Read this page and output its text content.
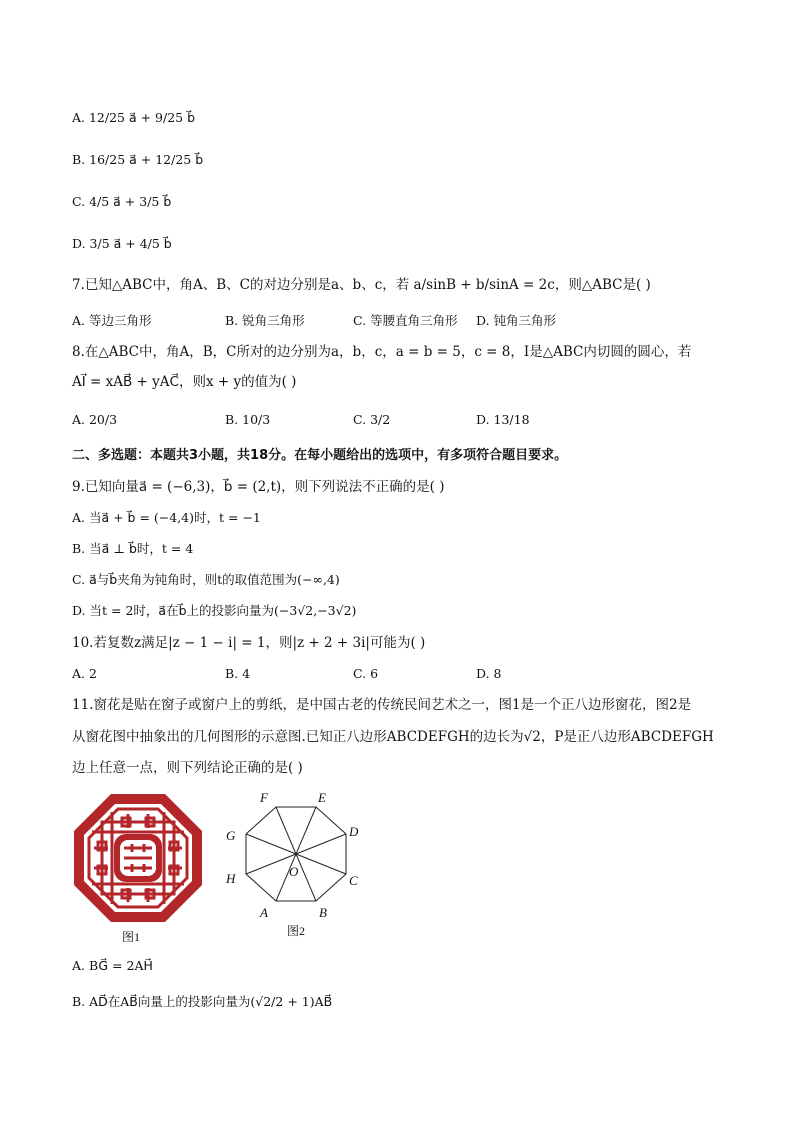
A. 12/25 a⃗ + 9/25 b⃗
B. 16/25 a⃗ + 12/25 b⃗
C. 4/5 a⃗ + 3/5 b⃗
D. 3/5 a⃗ + 4/5 b⃗
7.已知△ABC中，角A、B、C的对边分别是a、b、c，若 a/sinB + b/sinA = 2c，则△ABC是( )
A. 等边三角形	B. 锐角三角形	C. 等腰直角三角形 D. 钝角三角形
8.在△ABC中，角A，B，C所对的边分别为a，b，c，a = b = 5，c = 8，I是△ABC内切圆的圆心，若
AI⃗ = xAB⃗ + yAC⃗，则x + y的值为( )
A. 20/3	B. 10/3	C. 3/2	D. 13/18
二、多选题：本题共3小题，共18分。在每小题给出的选项中，有多项符合题目要求。
9.已知向量a⃗ = (−6,3)，b⃗ = (2,t)，则下列说法不正确的是( )
A. 当a⃗ + b⃗ = (−4,4)时，t = −1
B. 当a⃗ ⊥ b⃗时，t = 4
C. a⃗与b⃗夹角为钝角时，则t的取值范围为(−∞,4)
D. 当t = 2时，a⃗在b⃗上的投影向量为(−3√2,−3√2)
10.若复数z满足|z − 1 − i| = 1，则|z + 2 + 3i|可能为( )
A. 2	B. 4	C. 6	D. 8
11.窗花是贴在窗子或窗户上的剪纸，是中国古老的传统民间艺术之一，图1是一个正八边形窗花，图2是
从窗花图中抽象出的几何图形的示意图.已知正八边形ABCDEFGH的边长为√2，P是正八边形ABCDEFGH
边上任意一点，则下列结论正确的是( )
图1
A	B
C
D
E
F
G
H	O
图2
A. BG⃗ = 2AH⃗
B. AD⃗在AB⃗向量上的投影向量为(√2/2 + 1)AB⃗
